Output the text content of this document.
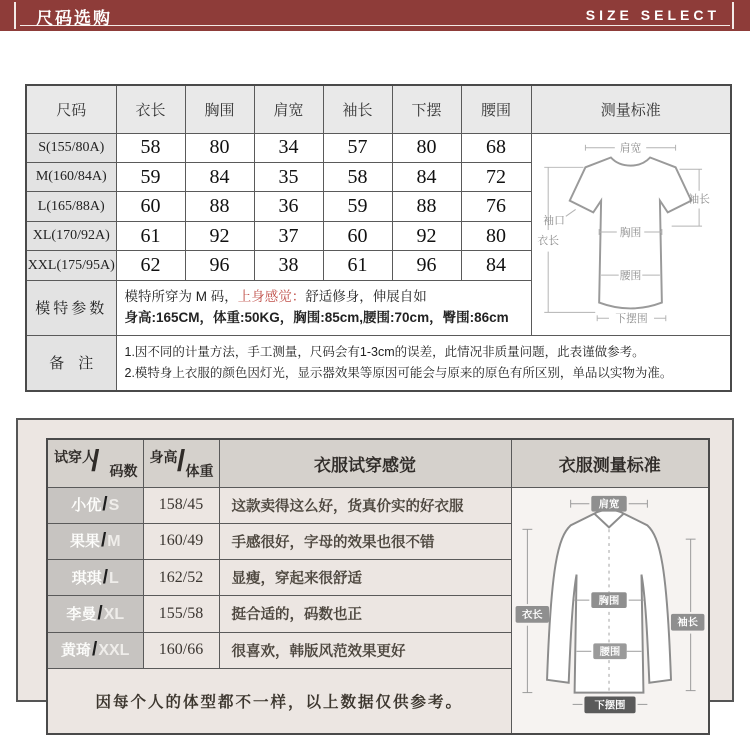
尺码选购	SIZE SELECT
尺码	衣长	胸围	肩宽	袖长	下摆	腰围	测量标准
S(155/80A)	58	80	34	57	80	68	肩宽
袖长
袖口
胸围
衣长
腰围
下摆围

M(160/84A)	59	84	35	58	84	72	
L(165/88A)	60	88	36	59	88	76	
XL(170/92A)	61	92	37	60	92	80	
XXL(175/95A)	62	96	38	61	96	84	
模特参数	模特所穿为 M 码，上身感觉：舒适修身，伸展自如
身高:165CM，体重:50KG，胸围:85cm,腰围:70cm，臀围:86cm						
备注	1.因不同的计量方法，手工测量，尺码会有1-3cm的误差，此情况非质量问题，此表谨做参考。
2.模特身上衣服的颜色因灯光，显示器效果等原因可能会与原来的原色有所区别，单品以实物为准。						
试穿人
/ 码数	身高 / 体重	衣服试穿感觉	衣服测量标准
小优/S	158/45	这款卖得这么好，货真价实的好衣服	肩宽
衣长
胸围
袖长
腰围
下摆围

果果/M	160/49	手感很好，字母的效果也很不错	
琪琪/L	162/52	显瘦，穿起来很舒适	
李曼/XL	155/58	挺合适的，码数也正	
黄琦/XXL	160/66	很喜欢，韩版风范效果更好	
因每个人的体型都不一样，以上数据仅供参考。			
